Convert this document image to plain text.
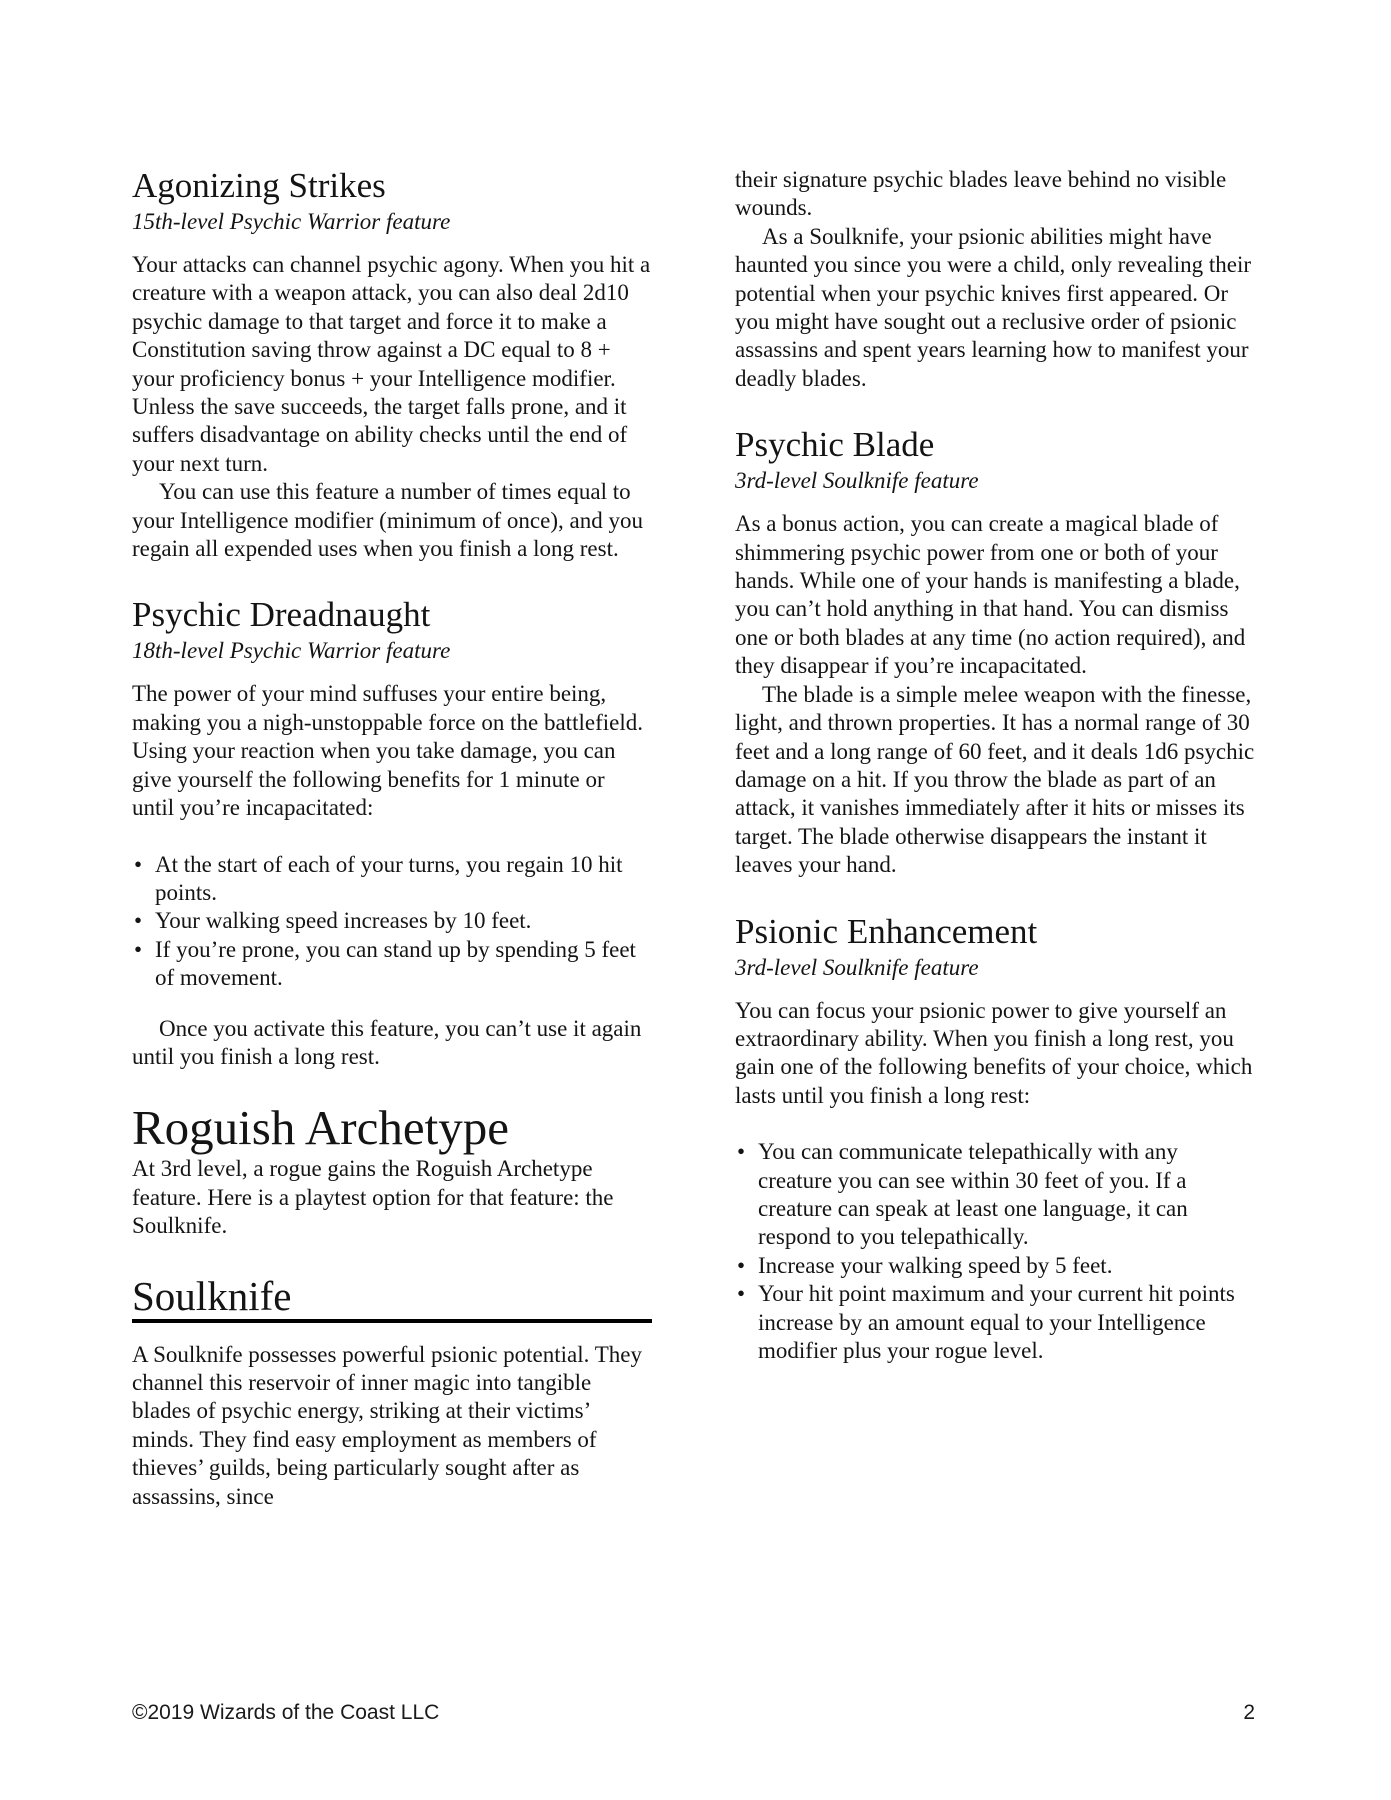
Agonizing Strikes

15th-level Psychic Warrior feature

Your attacks can channel psychic agony. When you hit a creature with a weapon attack, you can also deal 2d10 psychic damage to that target and force it to make a Constitution saving throw against a DC equal to 8 + your proficiency bonus + your Intelligence modifier. Unless the save succeeds, the target falls prone, and it suffers disadvantage on ability checks until the end of your next turn.

You can use this feature a number of times equal to your Intelligence modifier (minimum of once), and you regain all expended uses when you finish a long rest.

Psychic Dreadnaught

18th-level Psychic Warrior feature

The power of your mind suffuses your entire being, making you a nigh-unstoppable force on the battlefield. Using your reaction when you take damage, you can give yourself the following benefits for 1 minute or until you’re incapacitated:

• At the start of each of your turns, you regain 10 hit points.
• Your walking speed increases by 10 feet.
• If you’re prone, you can stand up by spending 5 feet of movement.

Once you activate this feature, you can’t use it again until you finish a long rest.

Roguish Archetype

At 3rd level, a rogue gains the Roguish Archetype feature. Here is a playtest option for that feature: the Soulknife.

Soulknife

A Soulknife possesses powerful psionic potential. They channel this reservoir of inner magic into tangible blades of psychic energy, striking at their victims’ minds. They find easy employment as members of thieves’ guilds, being particularly sought after as assassins, since

their signature psychic blades leave behind no visible wounds.

As a Soulknife, your psionic abilities might have haunted you since you were a child, only revealing their potential when your psychic knives first appeared. Or you might have sought out a reclusive order of psionic assassins and spent years learning how to manifest your deadly blades.

Psychic Blade

3rd-level Soulknife feature

As a bonus action, you can create a magical blade of shimmering psychic power from one or both of your hands. While one of your hands is manifesting a blade, you can’t hold anything in that hand. You can dismiss one or both blades at any time (no action required), and they disappear if you’re incapacitated.

The blade is a simple melee weapon with the finesse, light, and thrown properties. It has a normal range of 30 feet and a long range of 60 feet, and it deals 1d6 psychic damage on a hit. If you throw the blade as part of an attack, it vanishes immediately after it hits or misses its target. The blade otherwise disappears the instant it leaves your hand.

Psionic Enhancement

3rd-level Soulknife feature

You can focus your psionic power to give yourself an extraordinary ability. When you finish a long rest, you gain one of the following benefits of your choice, which lasts until you finish a long rest:

• You can communicate telepathically with any creature you can see within 30 feet of you. If a creature can speak at least one language, it can respond to you telepathically.
• Increase your walking speed by 5 feet.
• Your hit point maximum and your current hit points increase by an amount equal to your Intelligence modifier plus your rogue level.
©2019 Wizards of the Coast LLC	2
